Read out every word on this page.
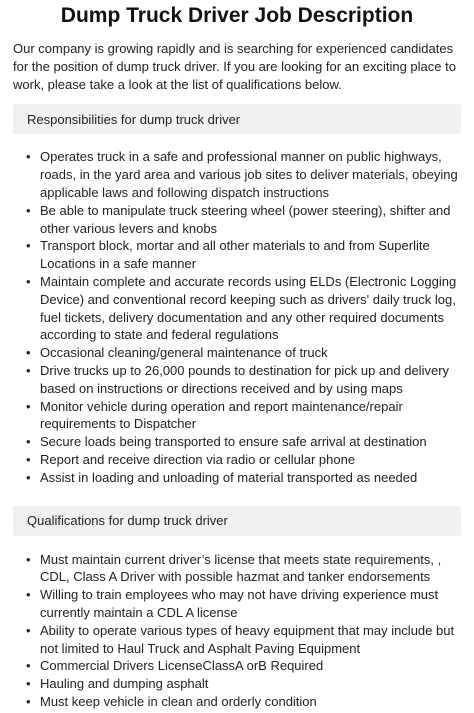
Dump Truck Driver Job Description

Our company is growing rapidly and is searching for experienced candidates for the position of dump truck driver. If you are looking for an exciting place to work, please take a look at the list of qualifications below.

Responsibilities for dump truck driver
• Operates truck in a safe and professional manner on public highways, roads, in the yard area and various job sites to deliver materials, obeying applicable laws and following dispatch instructions
• Be able to manipulate truck steering wheel (power steering), shifter and other various levers and knobs
• Transport block, mortar and all other materials to and from Superlite Locations in a safe manner
• Maintain complete and accurate records using ELDs (Electronic Logging Device) and conventional record keeping such as drivers' daily truck log, fuel tickets, delivery documentation and any other required documents according to state and federal regulations
• Occasional cleaning/general maintenance of truck
• Drive trucks up to 26,000 pounds to destination for pick up and delivery based on instructions or directions received and by using maps
• Monitor vehicle during operation and report maintenance/repair requirements to Dispatcher
• Secure loads being transported to ensure safe arrival at destination
• Report and receive direction via radio or cellular phone
• Assist in loading and unloading of material transported as needed
Qualifications for dump truck driver
• Must maintain current driver’s license that meets state requirements, , CDL, Class A Driver with possible hazmat and tanker endorsements
• Willing to train employees who may not have driving experience must currently maintain a CDL A license
• Ability to operate various types of heavy equipment that may include but not limited to Haul Truck and Asphalt Paving Equipment
• Commercial Drivers LicenseClassA orB Required
• Hauling and dumping asphalt
• Must keep vehicle in clean and orderly condition
